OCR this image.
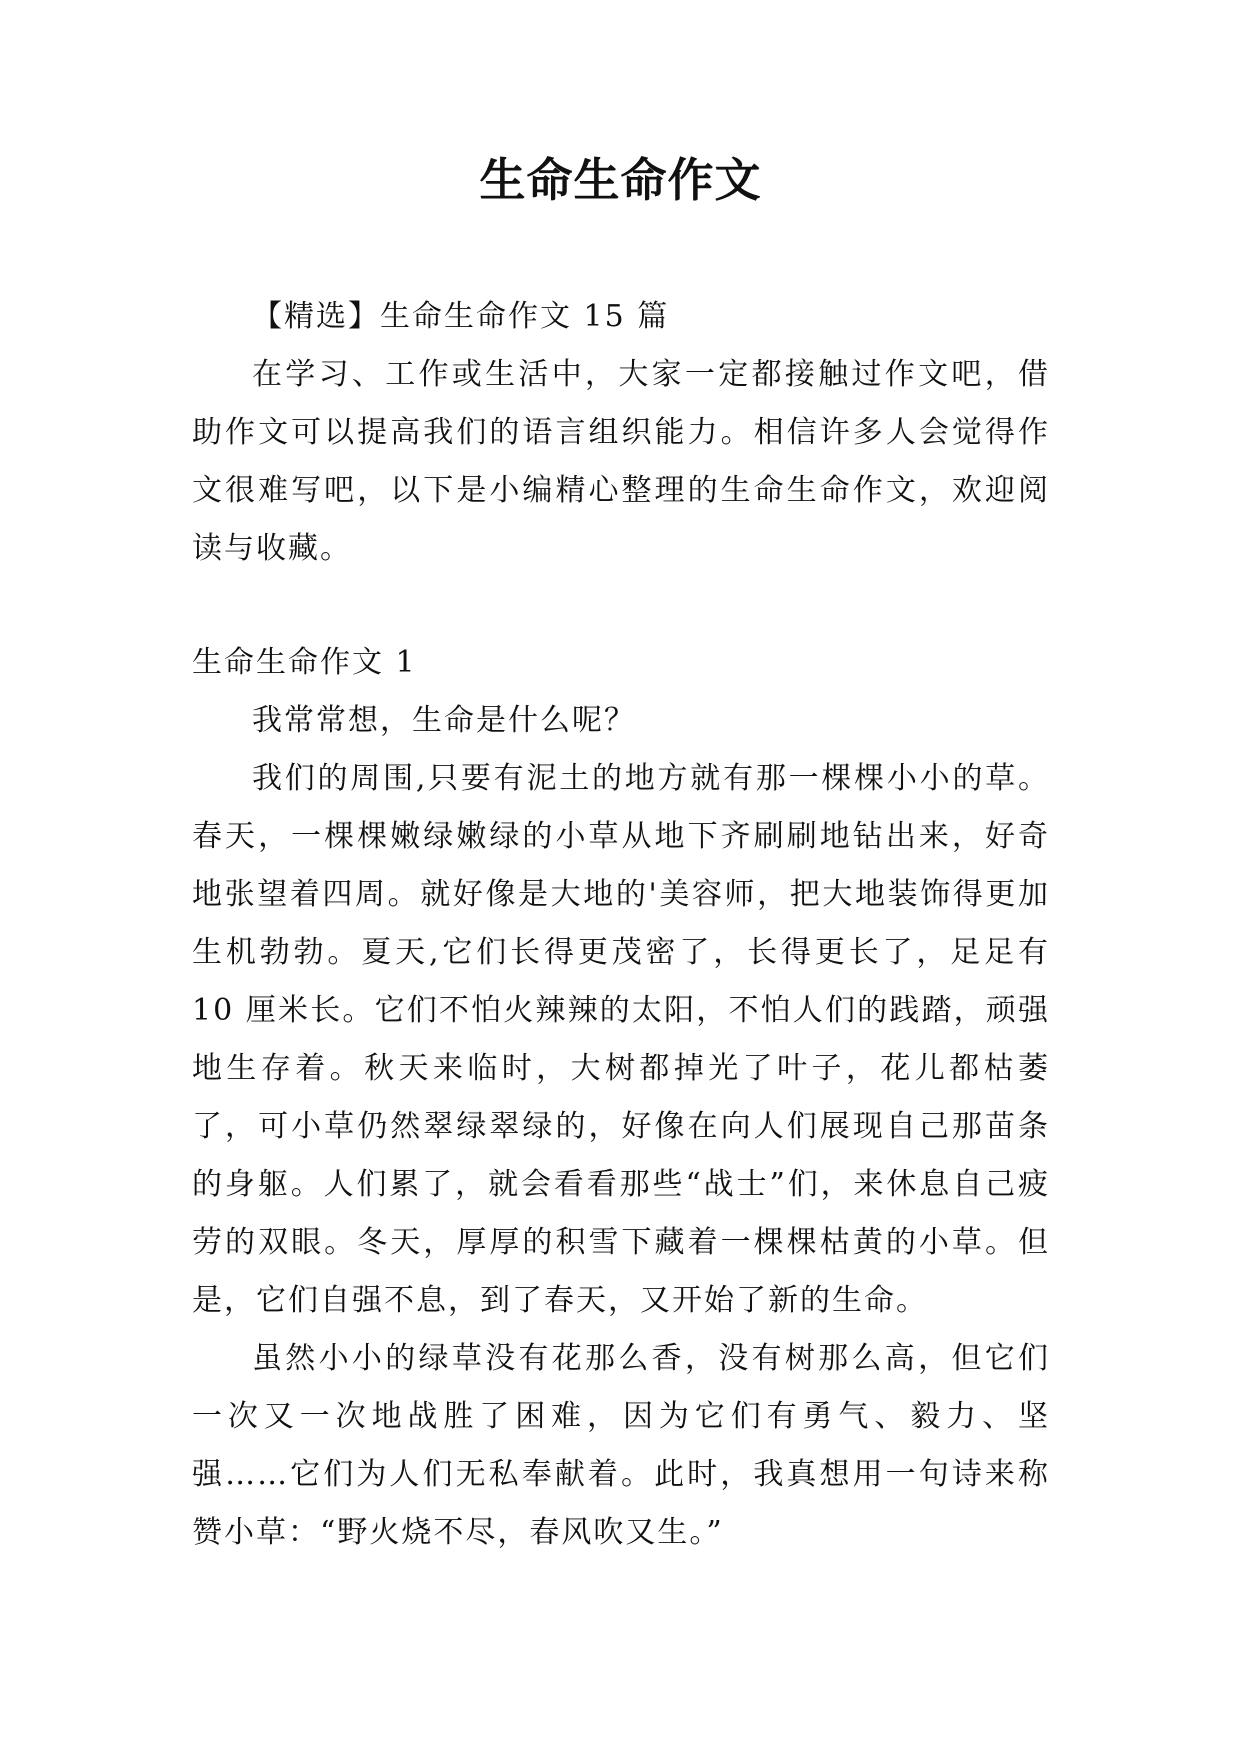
生命生命作文

【精选】生命生命作文 15 篇

在学习、工作或生活中，大家一定都接触过作文吧，借助作文可以提高我们的语言组织能力。相信许多人会觉得作文很难写吧，以下是小编精心整理的生命生命作文，欢迎阅读与收藏。

生命生命作文 1

我常常想，生命是什么呢？

我们的周围,只要有泥土的地方就有那一棵棵小小的草。春天，一棵棵嫩绿嫩绿的小草从地下齐刷刷地钻出来，好奇地张望着四周。就好像是大地的'美容师，把大地装饰得更加生机勃勃。夏天,它们长得更茂密了，长得更长了，足足有 10 厘米长。它们不怕火辣辣的太阳，不怕人们的践踏，顽强地生存着。秋天来临时，大树都掉光了叶子，花儿都枯萎了，可小草仍然翠绿翠绿的，好像在向人们展现自己那苗条的身躯。人们累了，就会看看那些“战士”们，来休息自己疲劳的双眼。冬天，厚厚的积雪下藏着一棵棵枯黄的小草。但是，它们自强不息，到了春天，又开始了新的生命。

虽然小小的绿草没有花那么香，没有树那么高，但它们一次又一次地战胜了困难，因为它们有勇气、毅力、坚强……它们为人们无私奉献着。此时，我真想用一句诗来称赞小草：“野火烧不尽，春风吹又生。”
